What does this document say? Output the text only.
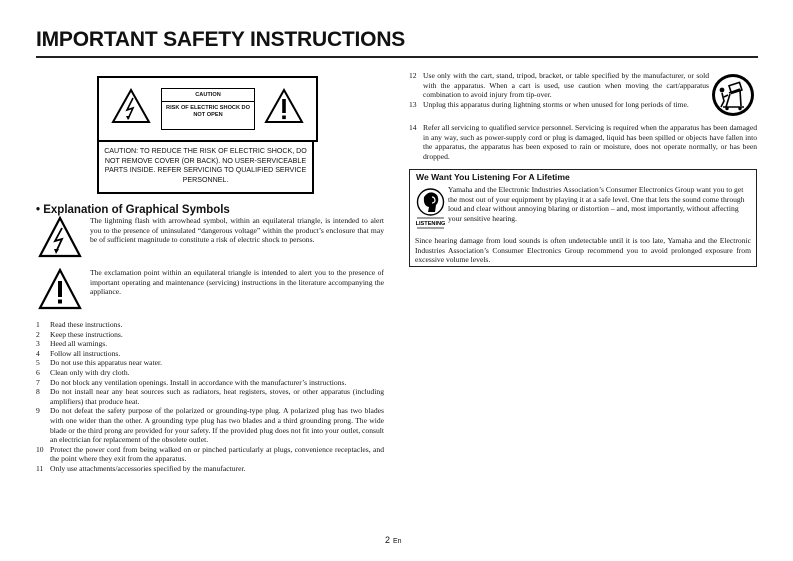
IMPORTANT SAFETY INSTRUCTIONS
CAUTION
RISK OF ELECTRIC SHOCK DO NOT OPEN
CAUTION: TO REDUCE THE RISK OF ELECTRIC SHOCK, DO NOT REMOVE COVER (OR BACK). NO USER-SERVICEABLE PARTS INSIDE. REFER SERVICING TO QUALIFIED SERVICE PERSONNEL.
• Explanation of Graphical Symbols

The lightning flash with arrowhead symbol, within an equilateral triangle, is intended to alert you to the presence of uninsulated “dangerous voltage” within the product’s enclosure that may be of sufficient magnitude to constitute a risk of electric shock to persons.

The exclamation point within an equilateral triangle is intended to alert you to the presence of important operating and maintenance (servicing) instructions in the literature accompanying the appliance.

1 Read these instructions.
2 Keep these instructions.
3 Heed all warnings.
4 Follow all instructions.
5 Do not use this apparatus near water.
6 Clean only with dry cloth.
7 Do not block any ventilation openings. Install in accordance with the manufacturer’s instructions.
8 Do not install near any heat sources such as radiators, heat registers, stoves, or other apparatus (including amplifiers) that produce heat.
9 Do not defeat the safety purpose of the polarized or grounding-type plug. A polarized plug has two blades with one wider than the other. A grounding type plug has two blades and a third grounding prong. The wide blade or the third prong are provided for your safety. If the provided plug does not fit into your outlet, consult an electrician for replacement of the obsolete outlet.
10 Protect the power cord from being walked on or pinched particularly at plugs, convenience receptacles, and the point where they exit from the apparatus.
11 Only use attachments/accessories specified by the manufacturer.
12 Use only with the cart, stand, tripod, bracket, or table specified by the manufacturer, or sold with the apparatus. When a cart is used, use caution when moving the cart/apparatus combination to avoid injury from tip-over.
13 Unplug this apparatus during lightning storms or when unused for long periods of time.
14 Refer all servicing to qualified service personnel. Servicing is required when the apparatus has been damaged in any way, such as power-supply cord or plug is damaged, liquid has been spilled or objects have fallen into the apparatus, the apparatus has been exposed to rain or moisture, does not operate normally, or has been dropped.
We Want You Listening For A Lifetime
LISTENING

Yamaha and the Electronic Industries Association’s Consumer Electronics Group want you to get the most out of your equipment by playing it at a safe level. One that lets the sound come through loud and clear without annoying blaring or distortion – and, most importantly, without affecting your sensitive hearing.

Since hearing damage from loud sounds is often undetectable until it is too late, Yamaha and the Electronic Industries Association’s Consumer Electronics Group recommend you to avoid prolonged exposure from excessive volume levels.

2 En
